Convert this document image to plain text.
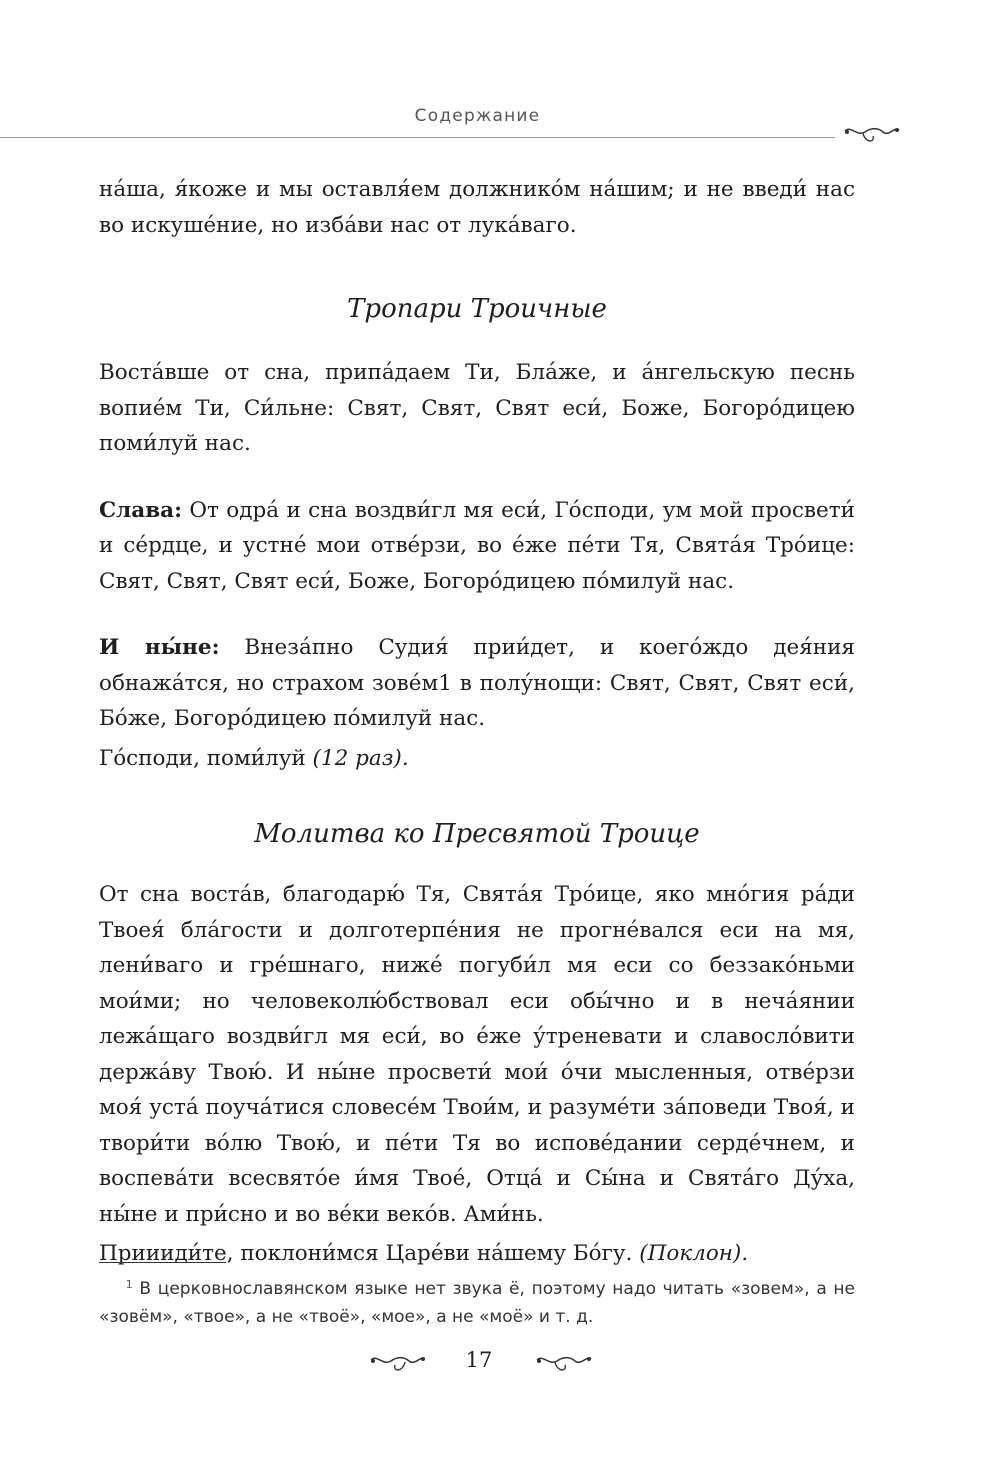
Содержание

на́ша, я́коже и мы оставля́ем должнико́м на́шим; и не введи́ нас во искуше́ние, но изба́ви нас от лука́ваго.

Тропари Троичные

Воста́вше от сна, припа́даем Ти, Бла́же, и а́нгельскую песнь вопие́м Ти, Си́льне: Свят, Свят, Свят еси́, Боже, Богоро́дицею поми́луй нас.

Слава: От одра́ и сна воздви́гл мя еси́, Го́споди, ум мой просвети́ и се́рдце, и устне́ мои отве́рзи, во е́же пе́ти Тя, Свята́я Тро́ице: Свят, Свят, Свят еси́, Боже, Богоро́дицею по́милуй нас.

И ны́не: Внеза́пно Судия́ прии́дет, и коего́ждо дея́ния обнажа́тся, но страхом зове́м1 в полу́нощи: Свят, Свят, Свят еси́, Бо́же, Богоро́дицею по́милуй нас.

Го́споди, поми́луй (12 раз).

Молитва ко Пресвятой Троице

От сна воста́в, благодарю́ Тя, Свята́я Тро́ице, яко мно́гия ра́ди Твоея́ бла́гости и долготерпе́ния не прогне́вался еси на мя, лени́ваго и гре́шнаго, ниже́ погуби́л мя еси со беззако́ньми мои́ми; но человеколю́бствовал еси обы́чно и в неча́янии лежа́щаго воздви́гл мя еси́, во е́же у́треневати и славосло́вити держа́ву Твою́. И ны́не просвети́ мои́ о́чи мысленныя, отве́рзи моя́ уста́ поуча́тися словесе́м Твои́м, и разуме́ти за́поведи Твоя́, и твори́ти во́лю Твою́, и пе́ти Тя во испове́дании серде́чнем, и воспева́ти всесвято́е и́мя Твое́, Отца́ и Сы́на и Свята́го Ду́ха, ны́не и при́сно и во ве́ки веко́в. Ами́нь.

Приииди́те, поклони́мся Царе́ви на́шему Бо́гу. (Поклон).

$^1$ В церковнославянском языке нет звука ё, поэтому надо читать «зовем», а не «зовём», «твое», а не «твоё», «мое», а не «моё» и т. д.
17
